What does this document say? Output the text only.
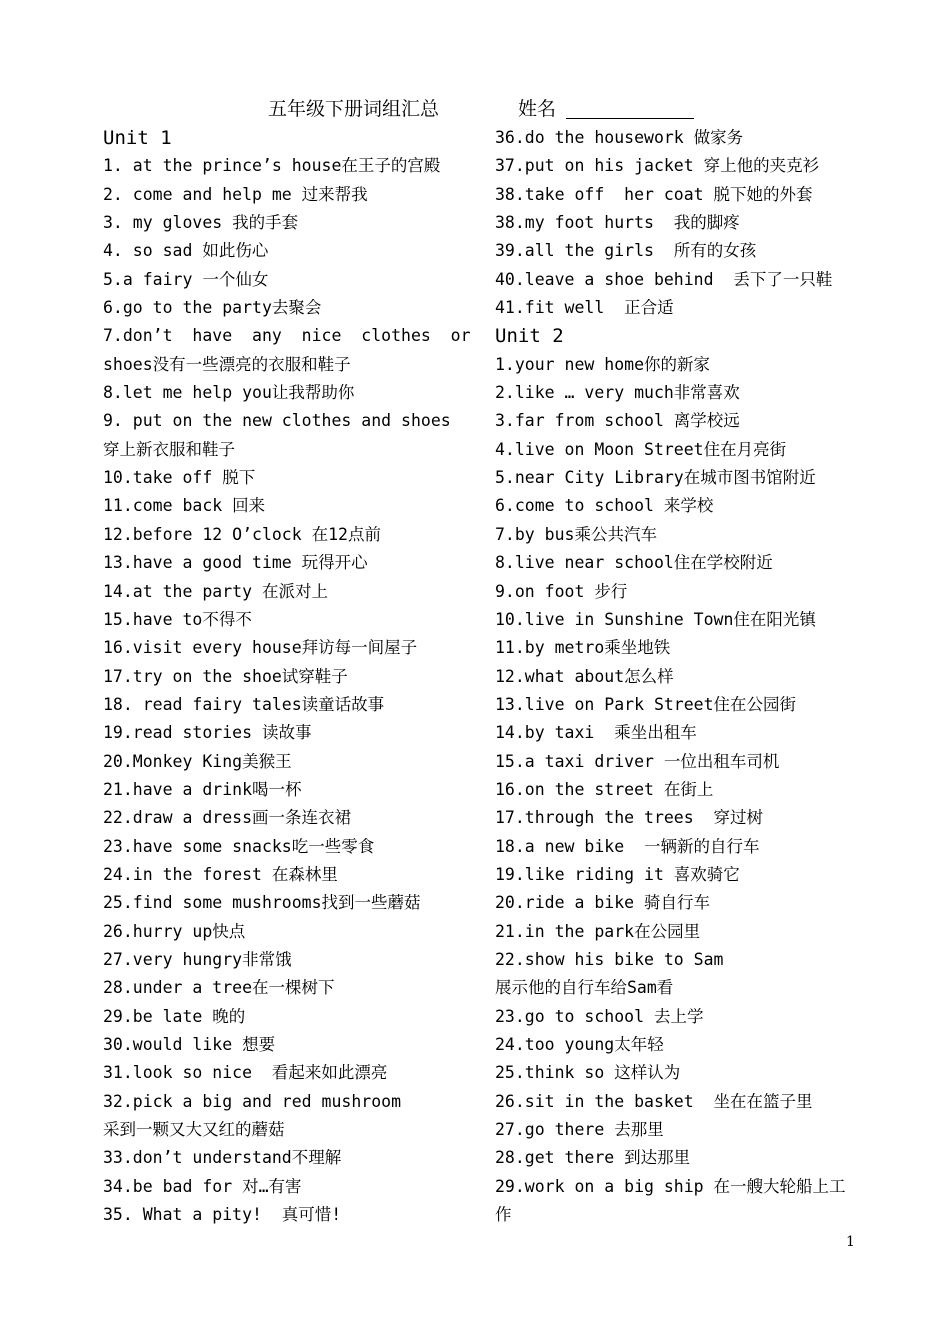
五年级下册词组汇总	姓名
Unit 1
1. at the prince’s house在王子的宫殿
2. come and help me 过来帮我
3. my gloves 我的手套
4. so sad 如此伤心
5.a fairy 一个仙女
6.go to the party去聚会
7.don’t  have  any  nice  clothes  or
shoes没有一些漂亮的衣服和鞋子
8.let me help you让我帮助你
9. put on the new clothes and shoes
穿上新衣服和鞋子
10.take off 脱下
11.come back 回来
12.before 12 O’clock 在12点前
13.have a good time 玩得开心
14.at the party 在派对上
15.have to不得不
16.visit every house拜访每一间屋子
17.try on the shoe试穿鞋子
18. read fairy tales读童话故事
19.read stories 读故事
20.Monkey King美猴王
21.have a drink喝一杯
22.draw a dress画一条连衣裙
23.have some snacks吃一些零食
24.in the forest 在森林里
25.find some mushrooms找到一些蘑菇
26.hurry up快点
27.very hungry非常饿
28.under a tree在一棵树下
29.be late 晚的
30.would like 想要
31.look so nice  看起来如此漂亮
32.pick a big and red mushroom
采到一颗又大又红的蘑菇
33.don’t understand不理解
34.be bad for 对…有害
35. What a pity!  真可惜!
36.do the housework 做家务
37.put on his jacket 穿上他的夹克衫
38.take off  her coat 脱下她的外套
38.my foot hurts  我的脚疼
39.all the girls  所有的女孩
40.leave a shoe behind  丢下了一只鞋
41.fit well  正合适
Unit 2
1.your new home你的新家
2.like … very much非常喜欢
3.far from school 离学校远
4.live on Moon Street住在月亮街
5.near City Library在城市图书馆附近
6.come to school 来学校
7.by bus乘公共汽车
8.live near school住在学校附近
9.on foot 步行
10.live in Sunshine Town住在阳光镇
11.by metro乘坐地铁
12.what about怎么样
13.live on Park Street住在公园街
14.by taxi  乘坐出租车
15.a taxi driver 一位出租车司机
16.on the street 在街上
17.through the trees  穿过树
18.a new bike  一辆新的自行车
19.like riding it 喜欢骑它
20.ride a bike 骑自行车
21.in the park在公园里
22.show his bike to Sam
展示他的自行车给Sam看
23.go to school 去上学
24.too young太年轻
25.think so 这样认为
26.sit in the basket  坐在在篮子里
27.go there 去那里
28.get there 到达那里
29.work on a big ship 在一艘大轮船上工
作
1
